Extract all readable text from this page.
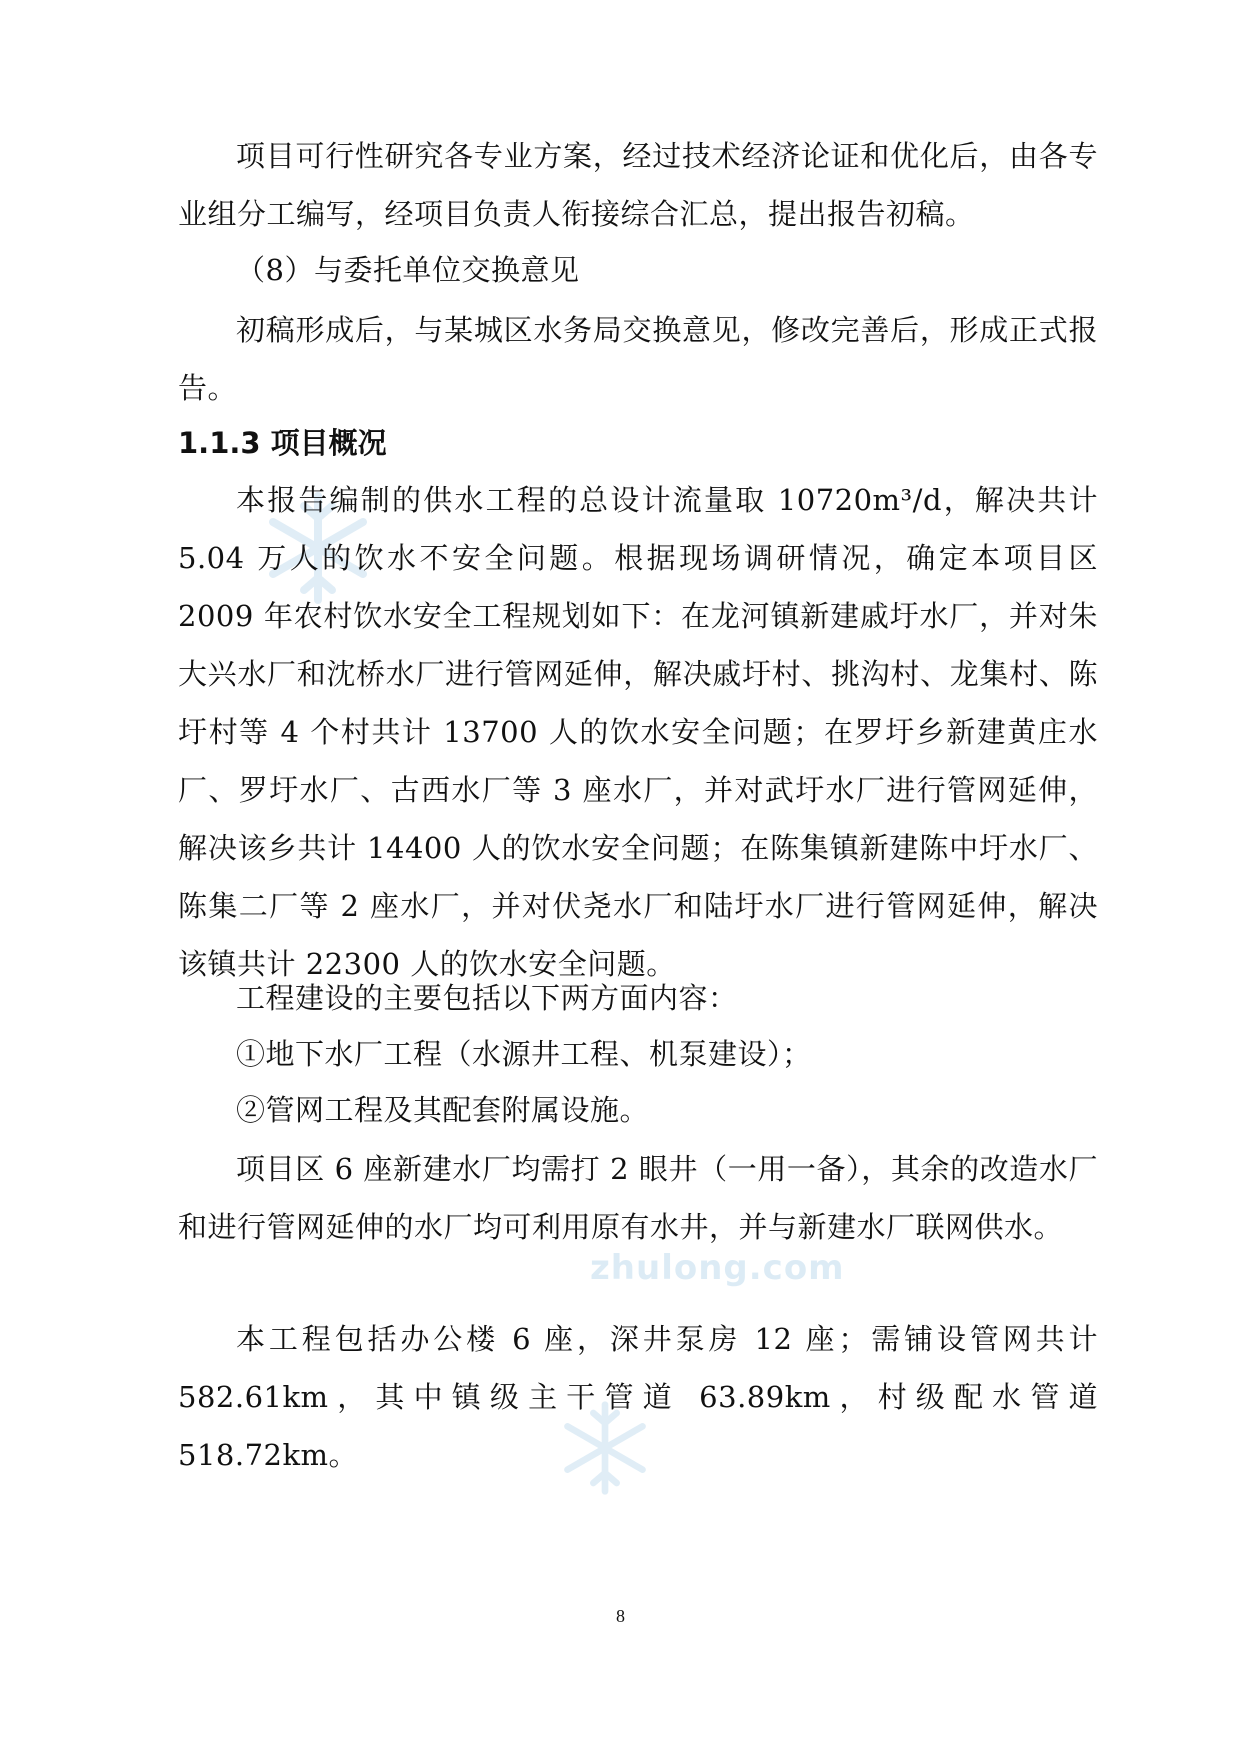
zhulong.com

项目可行性研究各专业方案，经过技术经济论证和优化后，由各专业组分工编写，经项目负责人衔接综合汇总，提出报告初稿。

（8）与委托单位交换意见

初稿形成后，与某城区水务局交换意见，修改完善后，形成正式报告。

1.1.3 项目概况

本报告编制的供水工程的总设计流量取 10720m³/d，解决共计 5.04 万人的饮水不安全问题。根据现场调研情况，确定本项目区 2009 年农村饮水安全工程规划如下：在龙河镇新建戚圩水厂，并对朱大兴水厂和沈桥水厂进行管网延伸，解决戚圩村、挑沟村、龙集村、陈圩村等 4 个村共计 13700 人的饮水安全问题；在罗圩乡新建黄庄水厂、罗圩水厂、古西水厂等 3 座水厂，并对武圩水厂进行管网延伸，解决该乡共计 14400 人的饮水安全问题；在陈集镇新建陈中圩水厂、陈集二厂等 2 座水厂，并对伏尧水厂和陆圩水厂进行管网延伸，解决该镇共计 22300 人的饮水安全问题。

工程建设的主要包括以下两方面内容：

①地下水厂工程（水源井工程、机泵建设）；

②管网工程及其配套附属设施。

项目区 6 座新建水厂均需打 2 眼井（一用一备），其余的改造水厂和进行管网延伸的水厂均可利用原有水井，并与新建水厂联网供水。

本工程包括办公楼 6 座，深井泵房 12 座；需铺设管网共计 582.61km，其中镇级主干管道 63.89km，村级配水管道 518.72km。

8
